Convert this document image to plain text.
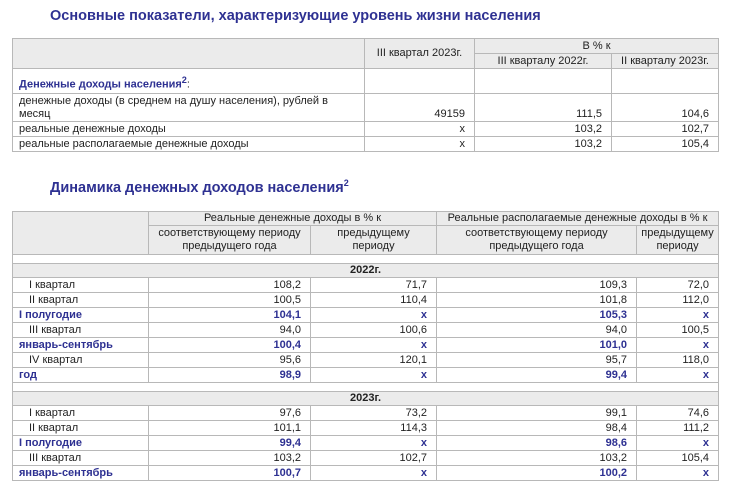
Основные показатели, характеризующие уровень жизни населения
	III квартал 2023г.	В % к	
		III кварталу 2022г.	II кварталу 2023г.
Денежные доходы населения$^2$:			
денежные доходы (в среднем на душу населения), рублей в месяц	49159	111,5	104,6
реальные денежные доходы	x	103,2	102,7
реальные располагаемые денежные доходы	x	103,2	105,4
Динамика денежных доходов населения$^2$
	Реальные денежные доходы в % к		Реальные располагаемые денежные доходы в % к	
	соответствующему периоду предыдущего года	предыдущему периоду	соответствующему периоду предыдущего года	предыдущему периоду

2022г.				
I квартал	108,2	71,7	109,3	72,0
II квартал	100,5	110,4	101,8	112,0
I полугодие	104,1	x	105,3	x
III квартал	94,0	100,6	94,0	100,5
январь-сентябрь	100,4	x	101,0	x
IV квартал	95,6	120,1	95,7	118,0
год	98,9	x	99,4	x

2023г.				
I квартал	97,6	73,2	99,1	74,6
II квартал	101,1	114,3	98,4	111,2
I полугодие	99,4	x	98,6	x
III квартал	103,2	102,7	103,2	105,4
январь-сентябрь	100,7	x	100,2	x
